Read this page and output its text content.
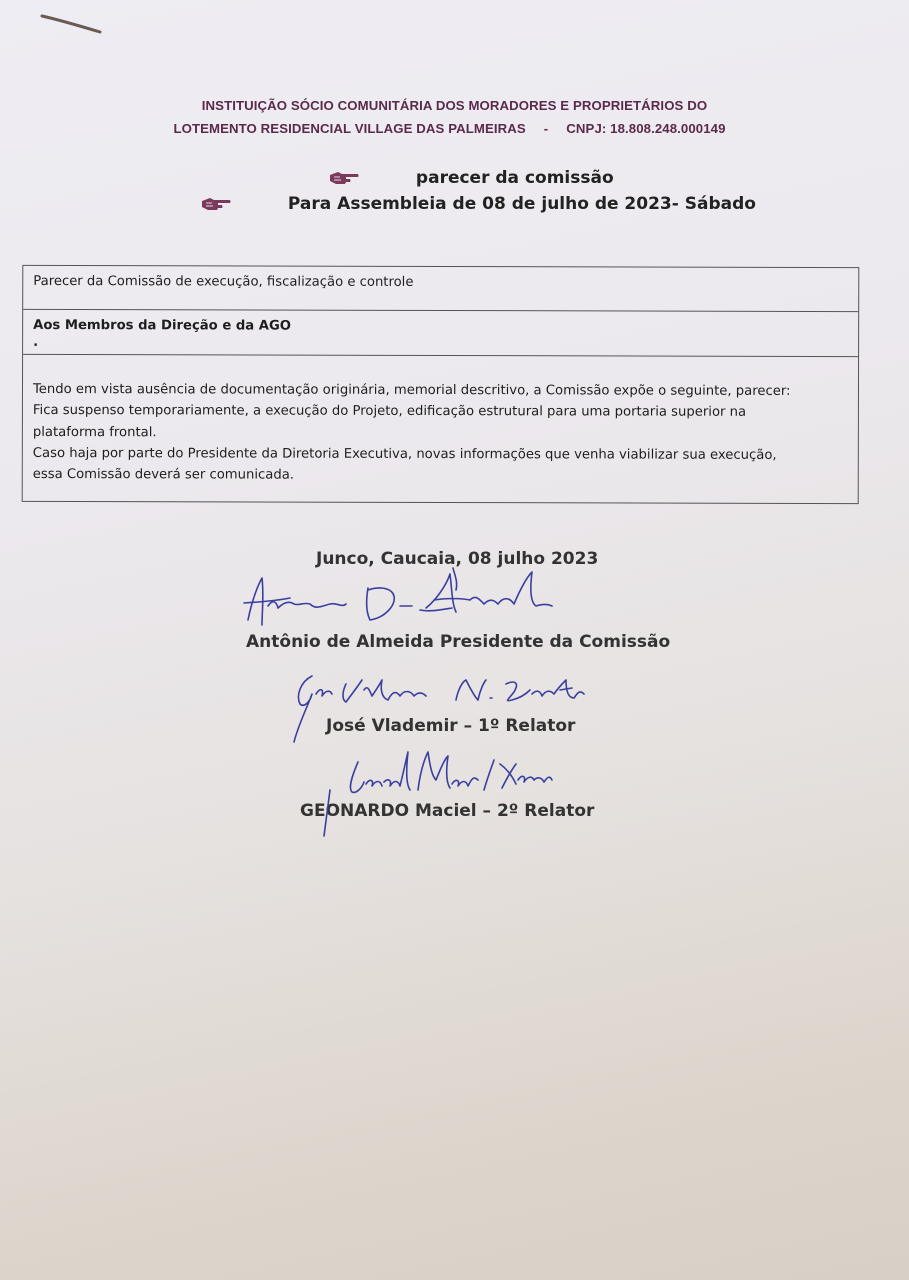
INSTITUIÇÃO SÓCIO COMUNITÁRIA DOS MORADORES E PROPRIETÁRIOS DO
LOTEMENTO RESIDENCIAL VILLAGE DAS PALMEIRAS - CNPJ: 18.808.248.000149
parecer da comissão
Para Assembleia de 08 de julho de 2023- Sábado
Parecer da Comissão de execução, fiscalização e controle
Aos Membros da Direção e da AGO
.
Tendo em vista ausência de documentação originária, memorial descritivo, a Comissão expõe o seguinte, parecer:
Fica suspenso temporariamente, a execução do Projeto, edificação estrutural para uma portaria superior na
plataforma frontal.
Caso haja por parte do Presidente da Diretoria Executiva, novas informações que venha viabilizar sua execução,
essa Comissão deverá ser comunicada.
Junco, Caucaia, 08 julho 2023
Antônio de Almeida Presidente da Comissão
José Vlademir – 1º Relator
GEONARDO Maciel – 2º Relator
